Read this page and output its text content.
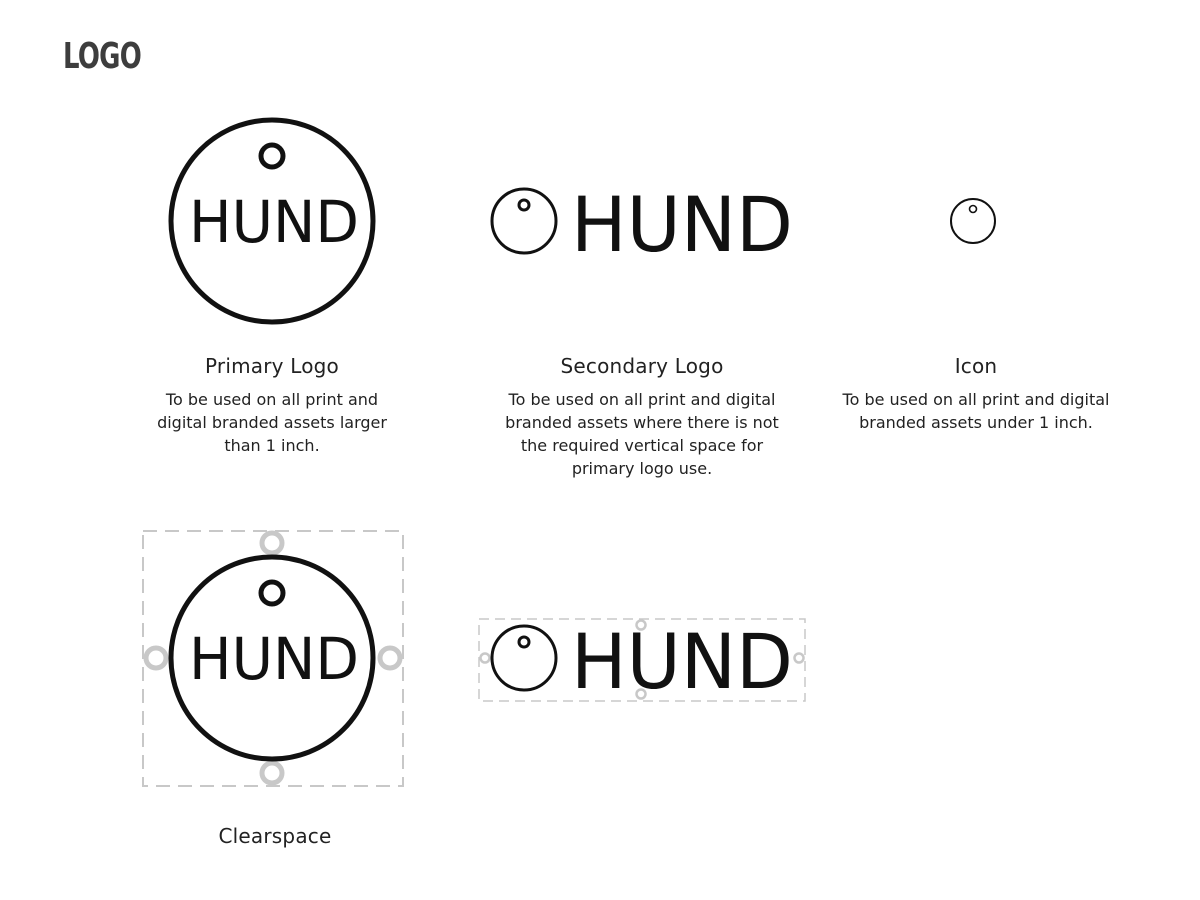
LOGO
HUND	HUND
Primary Logo
To be used on all print and digital branded assets larger than 1 inch.
Secondary Logo
To be used on all print and digital branded assets where there is not the required vertical space for primary logo use.
Icon
To be used on all print and digital branded assets under 1 inch.
HUND	HUND
Clearspace
